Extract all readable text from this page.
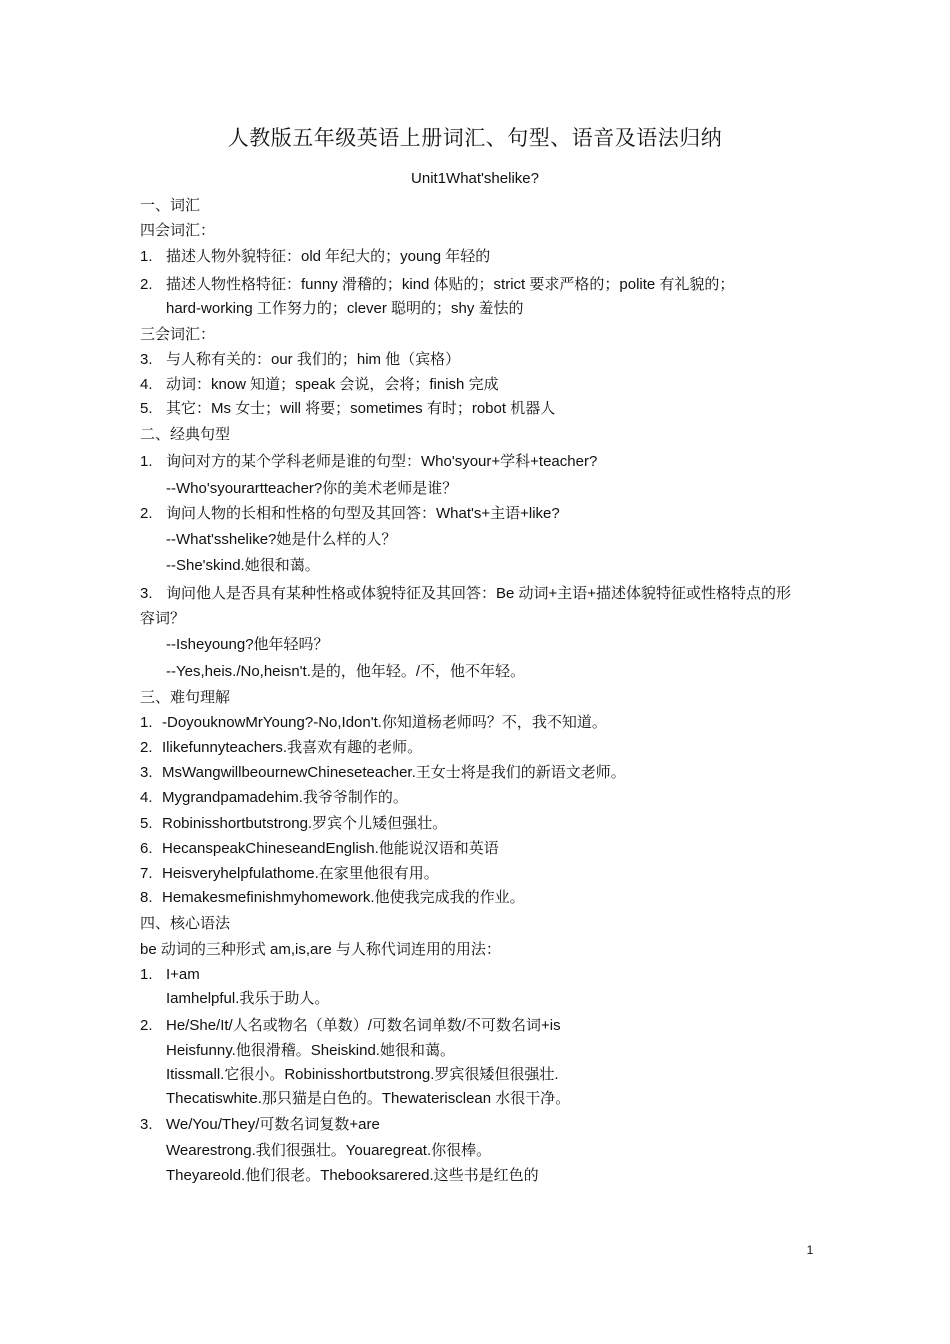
人教版五年级英语上册词汇、句型、语音及语法归纳
Unit1What'shelike?
一、词汇
四会词汇：
1. 描述人物外貌特征：old 年纪大的；young 年轻的
2. 描述人物性格特征：funny 滑稽的；kind 体贴的；strict 要求严格的；polite 有礼貌的；
hard-working 工作努力的；clever 聪明的；shy 羞怯的
三会词汇：
3. 与人称有关的：our 我们的；him 他（宾格）
4. 动词：know 知道；speak 会说，会将；finish 完成
5. 其它：Ms 女士；will 将要；sometimes 有时；robot 机器人
二、经典句型
1. 询问对方的某个学科老师是谁的句型：Who'syour+学科+teacher?
--Who'syourartteacher?你的美术老师是谁？
2. 询问人物的长相和性格的句型及其回答：What's+主语+like?
--What'sshelike?她是什么样的人？
--She'skind.她很和蔼。
3. 询问他人是否具有某种性格或体貌特征及其回答：Be 动词+主语+描述体貌特征或性格特点的形容词？
--Isheyoung?他年轻吗？
--Yes,heis./No,heisn't.是的，他年轻。/不，他不年轻。
三、难句理解
1. -DoyouknowMrYoung?-No,Idon't.你知道杨老师吗？不，我不知道。
2. Ilikefunnyteachers.我喜欢有趣的老师。
3. MsWangwillbeournewChineseteacher.王女士将是我们的新语文老师。
4. Mygrandpamadehim.我爷爷制作的。
5. Robinisshortbutstrong.罗宾个儿矮但强壮。
6. HecanspeakChineseandEnglish.他能说汉语和英语
7. Heisveryhelpfulathome.在家里他很有用。
8. Hemakesmefinishmyhomework.他使我完成我的作业。
四、核心语法
be 动词的三种形式 am,is,are 与人称代词连用的用法：
1. I+am
Iamhelpful.我乐于助人。
2. He/She/It/人名或物名（单数）/可数名词单数/不可数名词+is
Heisfunny.他很滑稽。Sheiskind.她很和蔼。
Itissmall.它很小。Robinisshortbutstrong.罗宾很矮但很强壮.
Thecatiswhite.那只猫是白色的。Thewaterisclean 水很干净。
3. We/You/They/可数名词复数+are
Wearestrong.我们很强壮。Youaregreat.你很棒。
Theyareold.他们很老。Thebooksarered.这些书是红色的
1
